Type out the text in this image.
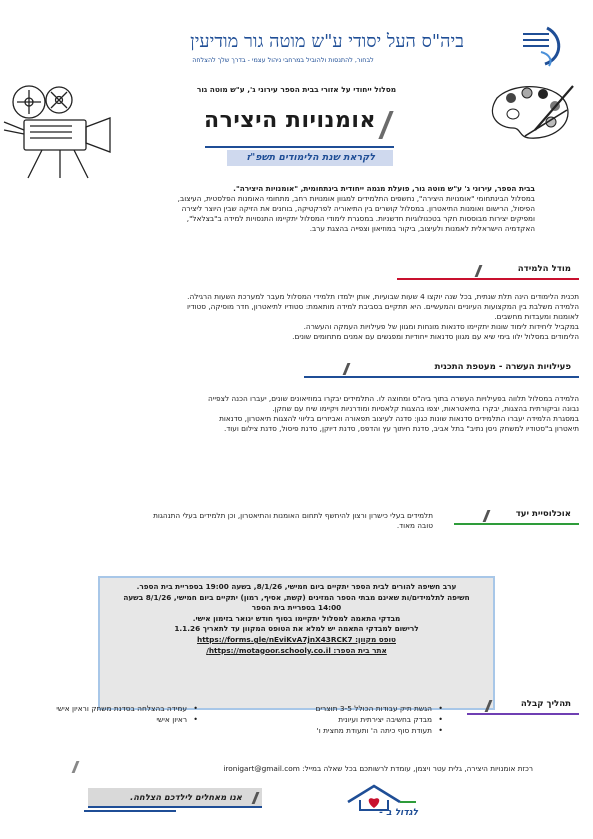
ביה"ס העל יסודי ע"ש מוטה גור מודיעין
לבחור, להתנסות ולהוביל במרחבי ניהול עצמי - בדרך שלך להצלחה
מסלול ייחודי על אזורי בבית הספר עירוני ג', ע"ש מוטה גור
אומנויות היצירה
לקראת שנת הלימודים תשפ"ז

בבית הספר, עירוני ג' ע"ש מוטה גור, פועלת מגמה ייחודית בינתחומית, "אומנויות היצירה".

במסלול הבינתחומי "אומנויות היצירה", נחשפים התלמידים למגוון אומנויות רחב, מתחומי האומנות הפלסטית, העיצוב,

הפיסול, הרישום ואומנות התיאטרון. במסלול קושרים בין התיאוריה לפרקטיקה, בוחנים את הזיקה שבין היוצר ליצירה

ומפיקים יצירות מבוססות חקר בטכנולוגיות חדשניות. במסגרת לימודי המסלול יתקיימו התנסויות למידה ב"בצלאל",

האקדמיה הישראלית לאמנות ולעיצוב, ביקור במוזיאון וצפייה בהצגת ערב.

מודל הלמידה

תכנית הלימודים הינה תלת שנתית, בכל שנה יוקצו 4 שעות שבועיות, אותן ילמדו תלמידי המסלול מעבר למערכת השעות הרגילה.

הלמידה משלבת בין המקצועות העיוניים והמעשיים. היא תתקיים בסביבת למידה מותאמת: סטודיו לתיאטרון, חדר מוסיקה, סטודיו

לאומנות ומעבדות מחשבים.

במקביל ליחידות לימוד שונות יתקיימו סדנאות מונחות ומגוון של פעילויות העמקה והעשרה.

הלימודים במסלול ילוו בימי שיא עם מגוון סדנאות ייחודיות ומפגשים עם אמנים מתחומים שונים.

פעילויות העשרה - מעטפת התכנית

הלמידה במסלול תלווה בפעילויות העשרה בתוך ביה"ס ומחוצה לו. התלמידים יבקרו במוזיאונים שונים, יעברו הכנה לצפייה

נבונה וביקורתית בהצגות, יבקרו בתיאטראות, יצפו בהצגות קלאסיות ומודרניות ויקיימו שיח עם שחקן.

במסגרת הלמידה יעברו התלמידים סדנאות שונות כגון: סדנה לעיצוב תפאורה ואביזרים בליווי להצגות תיאטרון, סדנאות

תיאטרון ב"סטודיו למשחק ניסן נתיב" בתל אביב, סדנת חיתוך עץ והדפס, סדנת דיוקן, סדנת פיסול, סדנת צילום ועוד.

אוכלוסיית יעד

תלמידים בעלי כישרון ורצון להיחשף לתחום האומנות והתיאטרון, וכן תלמידים בעלי התנהגות

טובה מאוד.

ערב חשיפה להורים לבית הספר יתקיים ביום חמישי, 8/1/26, בשעה 19:00 בספריית בית הספר.

חשיפה לתלמידים/ות שאינם מבתי הספר המזינים (קשת, אסיף, רמון) יתקיים ביום חמישי, 8/1/26 בשעה

14:00 בספריית בית הספר

מבדקי התאמה למסלול יתקיימו בסוף חודש ינואר בזימון אישי.

לרישום למבדקי התאמה יש למלא את הטופס המקוון עד לתאריך 1.1.26

טופס מקוון: https://forms.gle/nEviKvA7jnX43RCK7

אתר בית הספר: https://motagoor.schooly.co.il/

תהליך קבלה
• הגשת תיק עבודות הכולל 3-5 תוצרים
• מבדק בחשיבה יצירתית ועיונית
• תעודת סוף כיתה ה' ותעודת מחצית ו'
• עמידה בהצלחה בסדנת משחק וראיון אישי
• ראיון אישי

רכזת אומנויות היצירה, גלית עטר ויצמן, עומדת לרשותכם בכל שאלה במייל: ironigart@gmail.com

אנו מאחלים לילדכם הצלחה.
לגדול ב -
